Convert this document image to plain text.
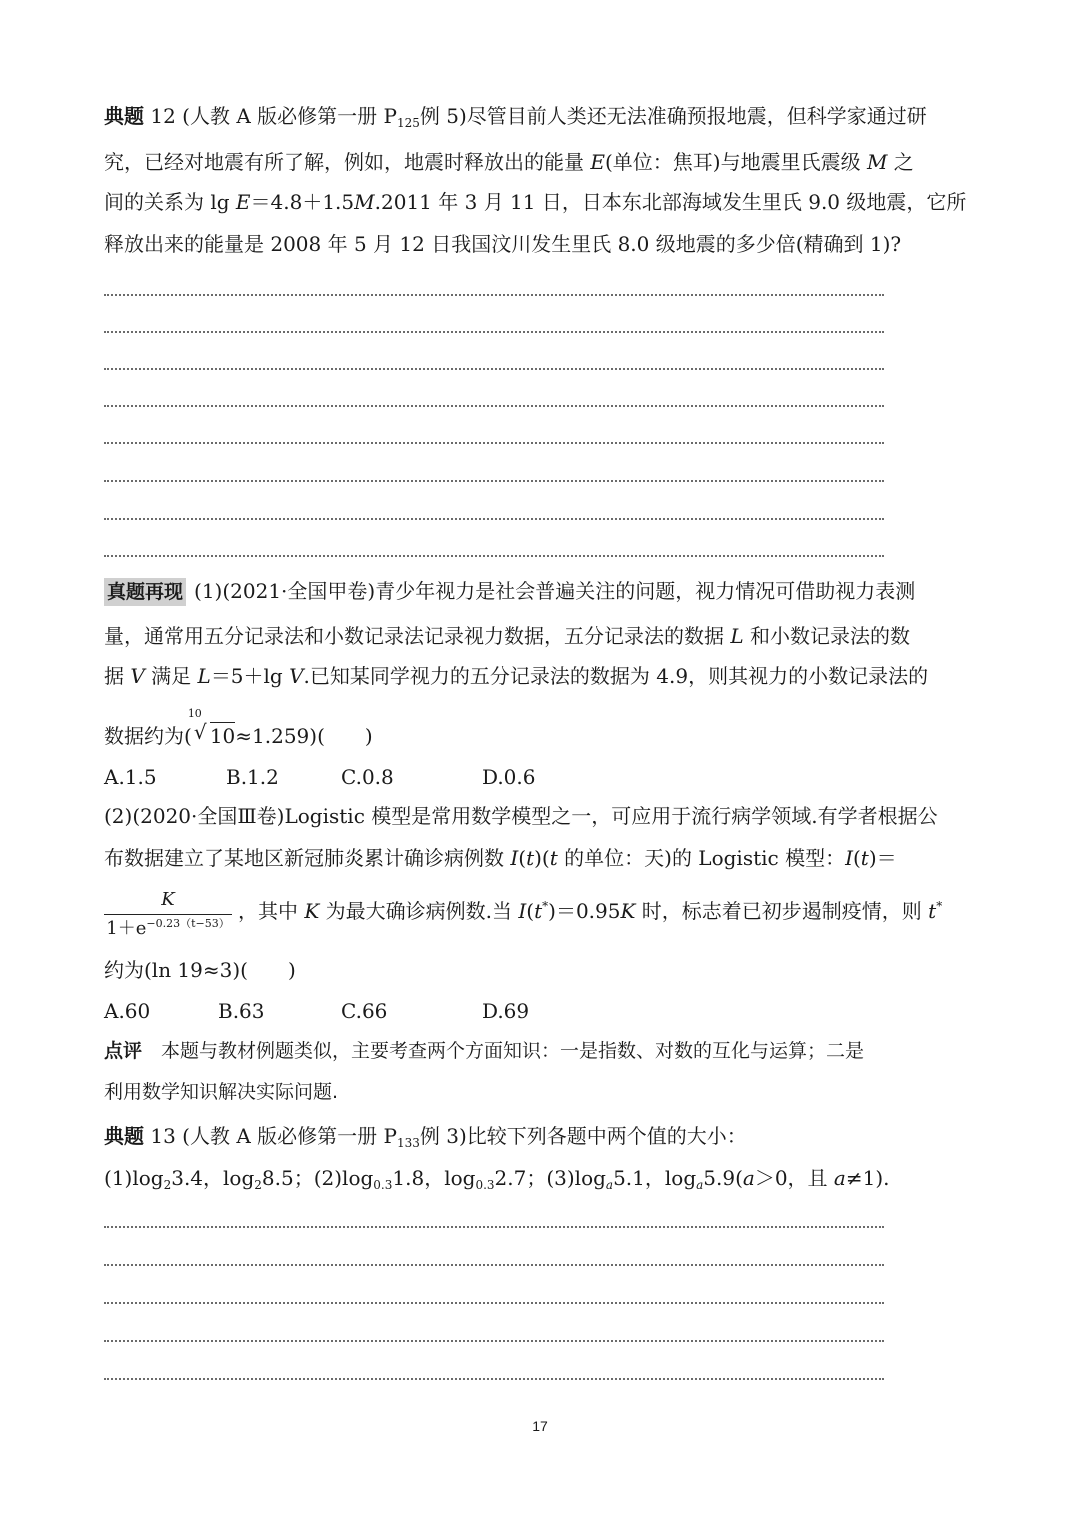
典题 12 (人教 A 版必修第一册 $P_{125}$例 5)尽管目前人类还无法准确预报地震，但科学家通过研
究，已经对地震有所了解，例如，地震时释放出的能量 E(单位：焦耳)与地震里氏震级 M 之
间的关系为 lg E＝4.8＋1.5M.2011 年 3 月 11 日，日本东北部海域发生里氏 9.0 级地震，它所
释放出来的能量是 2008 年 5 月 12 日我国汶川发生里氏 8.0 级地震的多少倍(精确到 1)?
真题再现 (1)(2021·全国甲卷)青少年视力是社会普遍关注的问题，视力情况可借助视力表测
量，通常用五分记录法和小数记录法记录视力数据，五分记录法的数据 L 和小数记录法的数
据 V 满足 L＝5＋lg V.已知某同学视力的五分记录法的数据为 4.9，则其视力的小数记录法的
数据约为(
10
√ 10≈1.259)(　　)
A.1.5	B.1.2	C.0.8	D.0.6
(2)(2020·全国Ⅲ卷)Logistic 模型是常用数学模型之一，可应用于流行病学领域.有学者根据公
布数据建立了某地区新冠肺炎累计确诊病例数 I(t)(t 的单位：天)的 Logistic 模型：I(t)＝
K
$1+e^{-0.23(t-53)}$
，其中 K 为最大确诊病例数.当 I(t*)＝0.95K 时，标志着已初步遏制疫情，则 t*
约为(ln 19≈3)(　　)
A.60	B.63	C.66	D.69
点评　 本题与教材例题类似，主要考查两个方面知识：一是指数、对数的互化与运算；二是
利用数学知识解决实际问题.
典题 13 (人教 A 版必修第一册 $P_{133}$例 3)比较下列各题中两个值的大小：
$(1)\log_23.4$，$\log_28.5$；$(2)\log_{0.3}1.8$，$\log_{0.3}2.7$；$(3)\log_a5.1$，$\log_a5.9(a>0$，且 a≠1).
17
